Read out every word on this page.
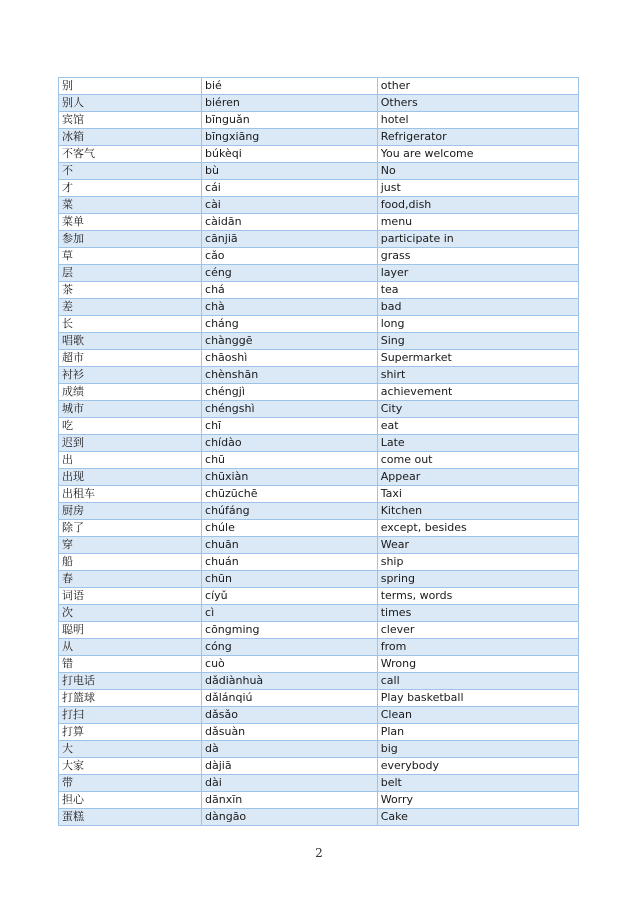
别	bié	other
别人	biéren	Others
宾馆	bīnguǎn	hotel
冰箱	bīngxiāng	Refrigerator
不客气	búkèqi	You are welcome
不	bù	No
才	cái	just
菜	cài	food,dish
菜单	càidān	menu
参加	cānjiā	participate in
草	cǎo	grass
层	céng	layer
茶	chá	tea
差	chà	bad
长	cháng	long
唱歌	chànggē	Sing
超市	chāoshì	Supermarket
衬衫	chènshān	shirt
成绩	chéngjì	achievement
城市	chéngshì	City
吃	chī	eat
迟到	chídào	Late
出	chū	come out
出现	chūxiàn	Appear
出租车	chūzūchē	Taxi
厨房	chúfáng	Kitchen
除了	chúle	except, besides
穿	chuān	Wear
船	chuán	ship
春	chūn	spring
词语	cíyǔ	terms, words
次	cì	times
聪明	cōngming	clever
从	cóng	from
错	cuò	Wrong
打电话	dǎdiànhuà	call
打篮球	dǎlánqiú	Play basketball
打扫	dǎsǎo	Clean
打算	dǎsuàn	Plan
大	dà	big
大家	dàjiā	everybody
带	dài	belt
担心	dānxīn	Worry
蛋糕	dàngāo	Cake
2
